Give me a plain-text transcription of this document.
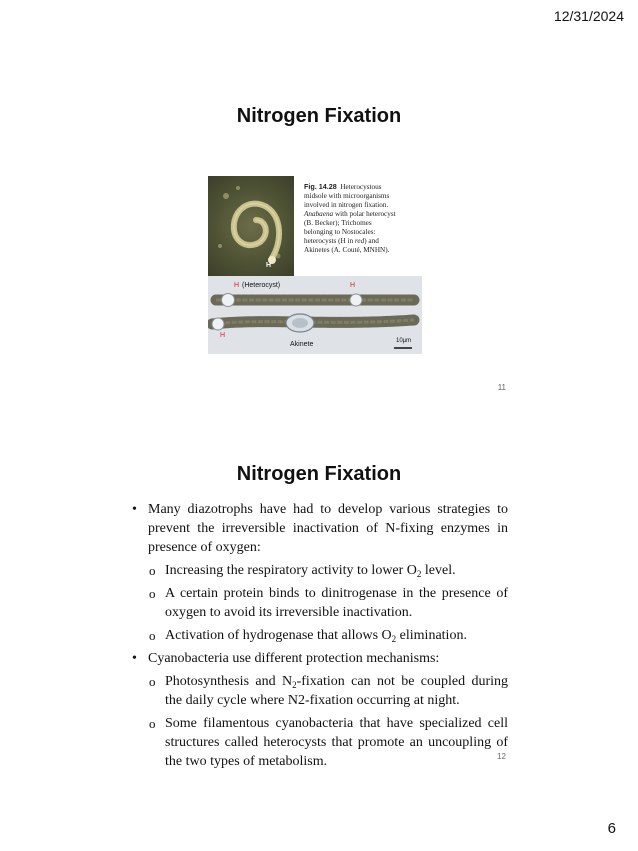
12/31/2024
Nitrogen Fixation
H
Fig. 14.28 Heterocystous
midsole with microorganisms
involved in nitrogen fixation.
Anabaena with polar heterocyst
(B. Becker); Trichomes
belonging to Nostocales:
heterocysts (H in red) and
Akinetes (A. Couté, MNHN).
H (Heterocyst)	H
H
Akinete	10µm
11
Nitrogen Fixation
• Many diazotrophs have had to develop various strategies to prevent the irreversible inactivation of N-fixing enzymes in presence of oxygen:
o Increasing the respiratory activity to lower $O_2$ level.
o A certain protein binds to dinitrogenase in the presence of oxygen to avoid its irreversible inactivation.
o Activation of hydrogenase that allows $O_2$ elimination.
• Cyanobacteria use different protection mechanisms:
o Photosynthesis and $N_2$-fixation can not be coupled during the daily cycle where N2-fixation occurring at night.
o Some filamentous cyanobacteria that have specialized cell structures called heterocysts that promote an uncoupling of the two types of metabolism.	12
6
